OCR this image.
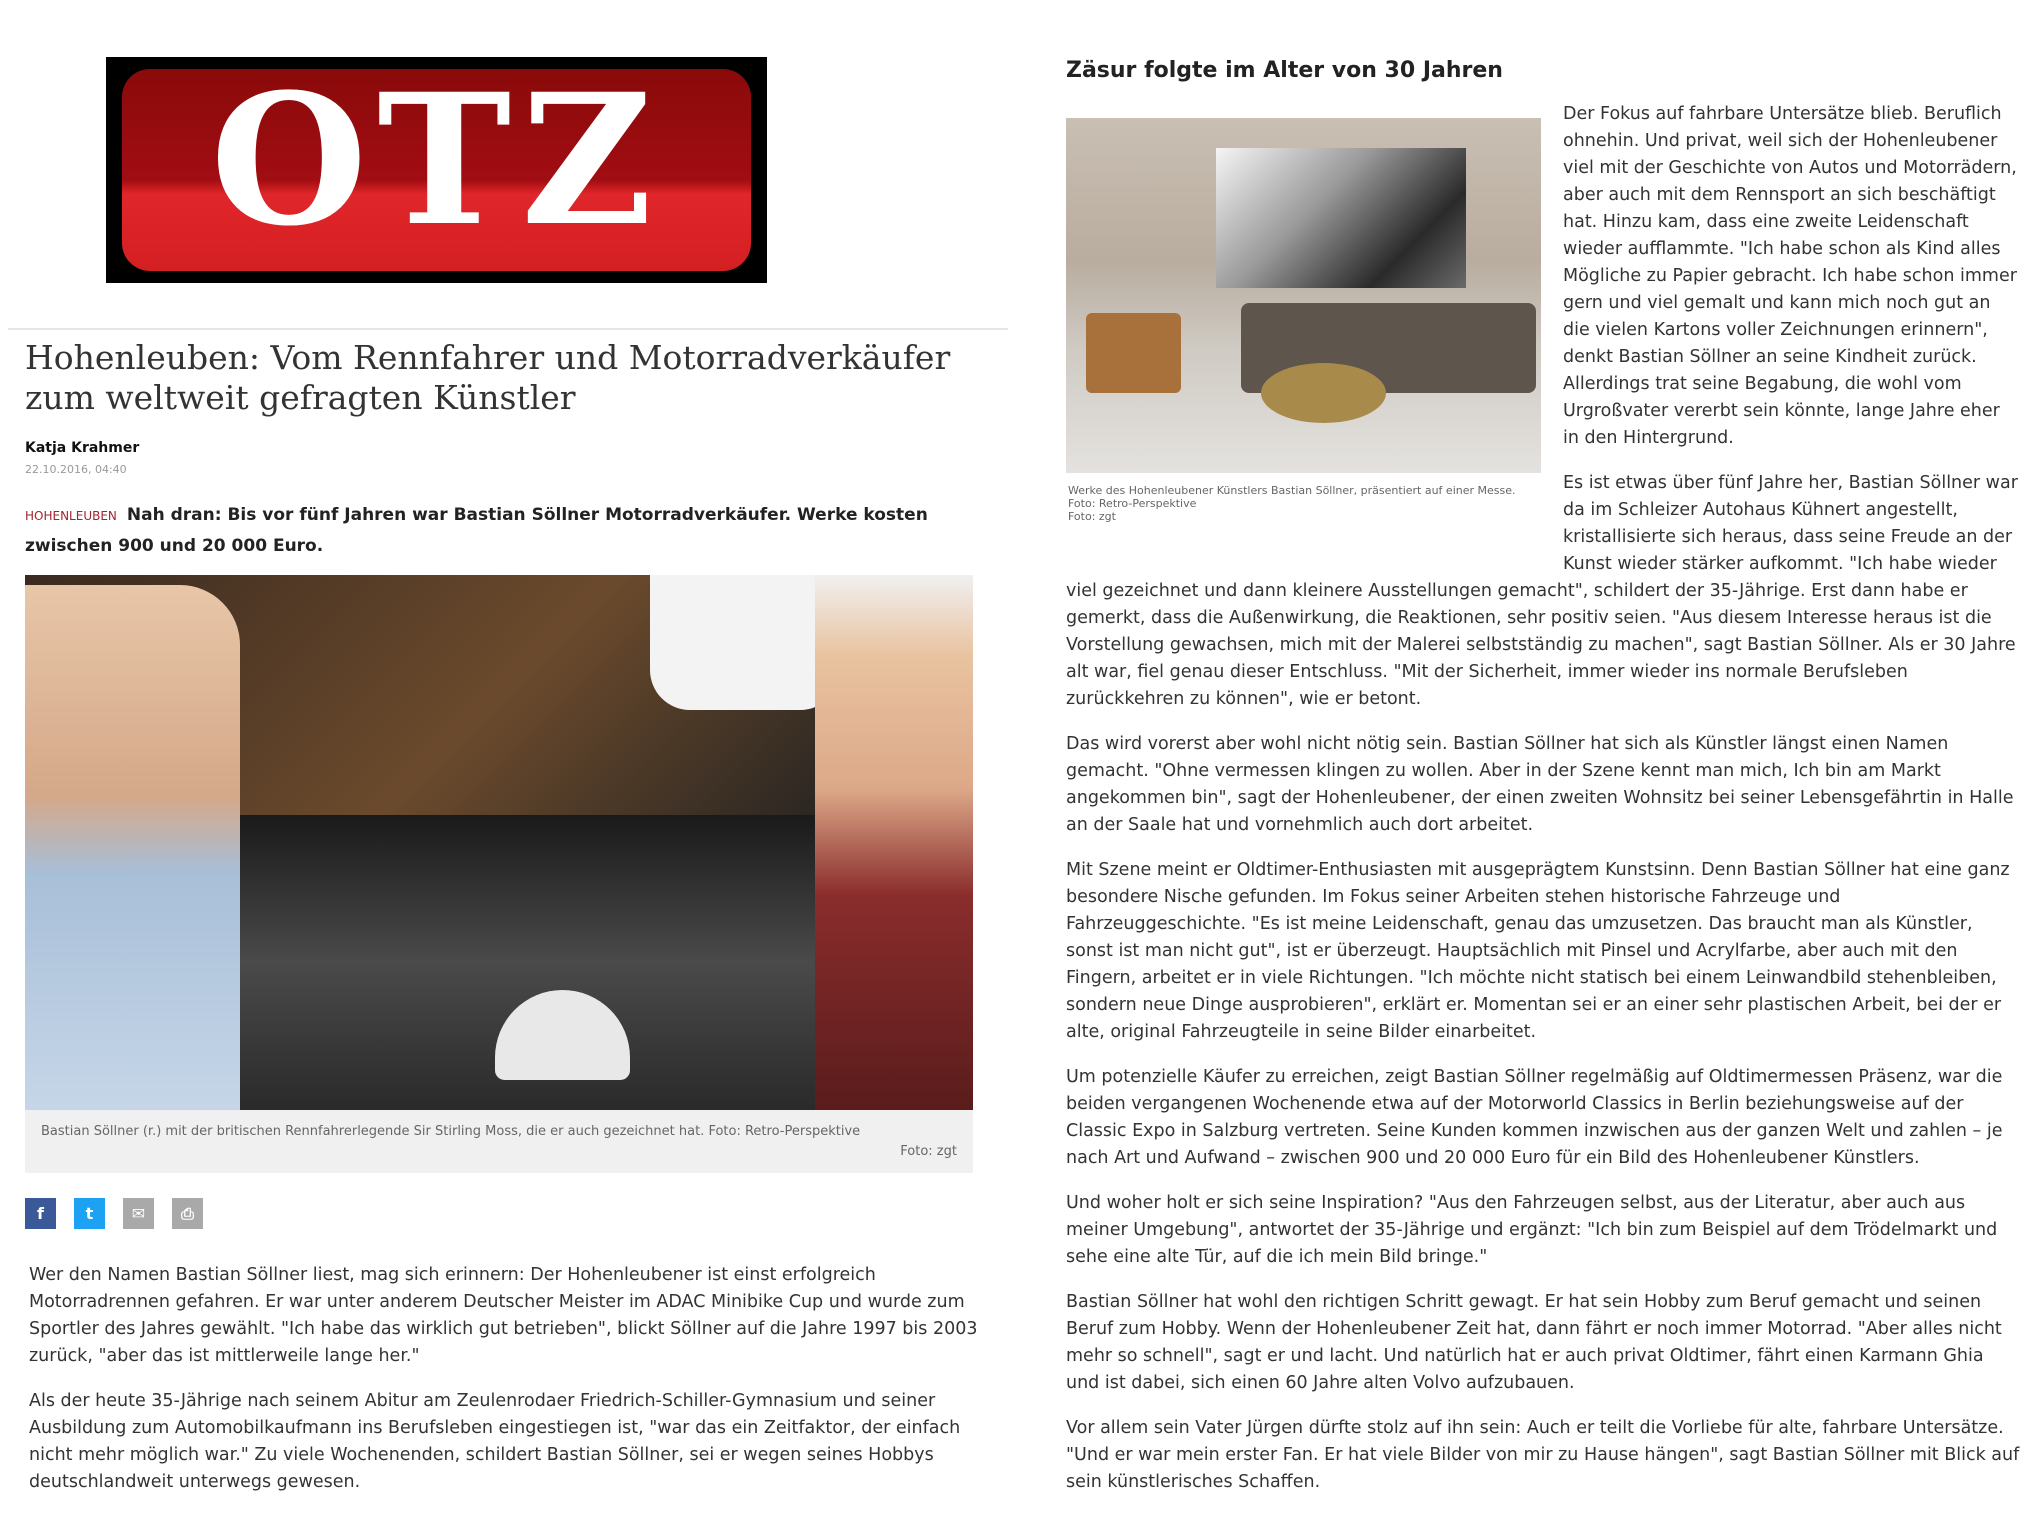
OTZ
Hohenleuben: Vom Rennfahrer und Motorradverkäufer zum weltweit gefragten Künstler
Katja Krahmer
22.10.2016, 04:40
HOHENLEUBEN Nah dran: Bis vor fünf Jahren war Bastian Söllner Motorradverkäufer. Werke kosten zwischen 900 und 20 000 Euro.
Bastian Söllner (r.) mit der britischen Rennfahrerlegende Sir Stirling Moss, die er auch gezeichnet hat. Foto: Retro-Perspektive
Foto: zgt
f	t	✉	⎙

Wer den Namen Bastian Söllner liest, mag sich erinnern: Der Hohenleubener ist einst erfolgreich Motorradrennen gefahren. Er war unter anderem Deutscher Meister im ADAC Minibike Cup und wurde zum Sportler des Jahres gewählt. "Ich habe das wirklich gut betrieben", blickt Söllner auf die Jahre 1997 bis 2003 zurück, "aber das ist mittlerweile lange her."

Als der heute 35-Jährige nach seinem Abitur am Zeulenrodaer Friedrich-Schiller-Gymnasium und seiner Ausbildung zum Automobilkaufmann ins Berufsleben eingestiegen ist, "war das ein Zeitfaktor, der einfach nicht mehr möglich war." Zu viele Wochenenden, schildert Bastian Söllner, sei er wegen seines Hobbys deutschlandweit unterwegs gewesen.

Zäsur folgte im Alter von 30 Jahren
Werke des Hohenleubener Künstlers Bastian Söllner, präsentiert auf einer Messe.
Foto: Retro-Perspektive
Foto: zgt

Der Fokus auf fahrbare Untersätze blieb. Beruflich ohnehin. Und privat, weil sich der Hohenleubener viel mit der Geschichte von Autos und Motorrädern, aber auch mit dem Rennsport an sich beschäftigt hat. Hinzu kam, dass eine zweite Leidenschaft wieder aufflammte. "Ich habe schon als Kind alles Mögliche zu Papier gebracht. Ich habe schon immer gern und viel gemalt und kann mich noch gut an die vielen Kartons voller Zeichnungen erinnern", denkt Bastian Söllner an seine Kindheit zurück. Allerdings trat seine Begabung, die wohl vom Urgroßvater vererbt sein könnte, lange Jahre eher in den Hintergrund.

Es ist etwas über fünf Jahre her, Bastian Söllner war da im Schleizer Autohaus Kühnert angestellt, kristallisierte sich heraus, dass seine Freude an der Kunst wieder stärker aufkommt. "Ich habe wieder viel gezeichnet und dann kleinere Ausstellungen gemacht", schildert der 35-Jährige. Erst dann habe er gemerkt, dass die Außenwirkung, die Reaktionen, sehr positiv seien. "Aus diesem Interesse heraus ist die Vorstellung gewachsen, mich mit der Malerei selbstständig zu machen", sagt Bastian Söllner. Als er 30 Jahre alt war, fiel genau dieser Entschluss. "Mit der Sicherheit, immer wieder ins normale Berufsleben zurückkehren zu können", wie er betont.

Das wird vorerst aber wohl nicht nötig sein. Bastian Söllner hat sich als Künstler längst einen Namen gemacht. "Ohne vermessen klingen zu wollen. Aber in der Szene kennt man mich, Ich bin am Markt angekommen bin", sagt der Hohenleubener, der einen zweiten Wohnsitz bei seiner Lebensgefährtin in Halle an der Saale hat und vornehmlich auch dort arbeitet.

Mit Szene meint er Oldtimer-Enthusiasten mit ausgeprägtem Kunstsinn. Denn Bastian Söllner hat eine ganz besondere Nische gefunden. Im Fokus seiner Arbeiten stehen historische Fahrzeuge und Fahrzeuggeschichte. "Es ist meine Leidenschaft, genau das umzusetzen. Das braucht man als Künstler, sonst ist man nicht gut", ist er überzeugt. Hauptsächlich mit Pinsel und Acrylfarbe, aber auch mit den Fingern, arbeitet er in viele Richtungen. "Ich möchte nicht statisch bei einem Leinwandbild stehenbleiben, sondern neue Dinge ausprobieren", erklärt er. Momentan sei er an einer sehr plastischen Arbeit, bei der er alte, original Fahrzeugteile in seine Bilder einarbeitet.

Um potenzielle Käufer zu erreichen, zeigt Bastian Söllner regelmäßig auf Oldtimermessen Präsenz, war die beiden vergangenen Wochenende etwa auf der Motorworld Classics in Berlin beziehungsweise auf der Classic Expo in Salzburg vertreten. Seine Kunden kommen inzwischen aus der ganzen Welt und zahlen – je nach Art und Aufwand – zwischen 900 und 20 000 Euro für ein Bild des Hohenleubener Künstlers.

Und woher holt er sich seine Inspiration? "Aus den Fahrzeugen selbst, aus der Literatur, aber auch aus meiner Umgebung", antwortet der 35-Jährige und ergänzt: "Ich bin zum Beispiel auf dem Trödelmarkt und sehe eine alte Tür, auf die ich mein Bild bringe."

Bastian Söllner hat wohl den richtigen Schritt gewagt. Er hat sein Hobby zum Beruf gemacht und seinen Beruf zum Hobby. Wenn der Hohenleubener Zeit hat, dann fährt er noch immer Motorrad. "Aber alles nicht mehr so schnell", sagt er und lacht. Und natürlich hat er auch privat Oldtimer, fährt einen Karmann Ghia und ist dabei, sich einen 60 Jahre alten Volvo aufzubauen.

Vor allem sein Vater Jürgen dürfte stolz auf ihn sein: Auch er teilt die Vorliebe für alte, fahrbare Untersätze. "Und er war mein erster Fan. Er hat viele Bilder von mir zu Hause hängen", sagt Bastian Söllner mit Blick auf sein künstlerisches Schaffen.
